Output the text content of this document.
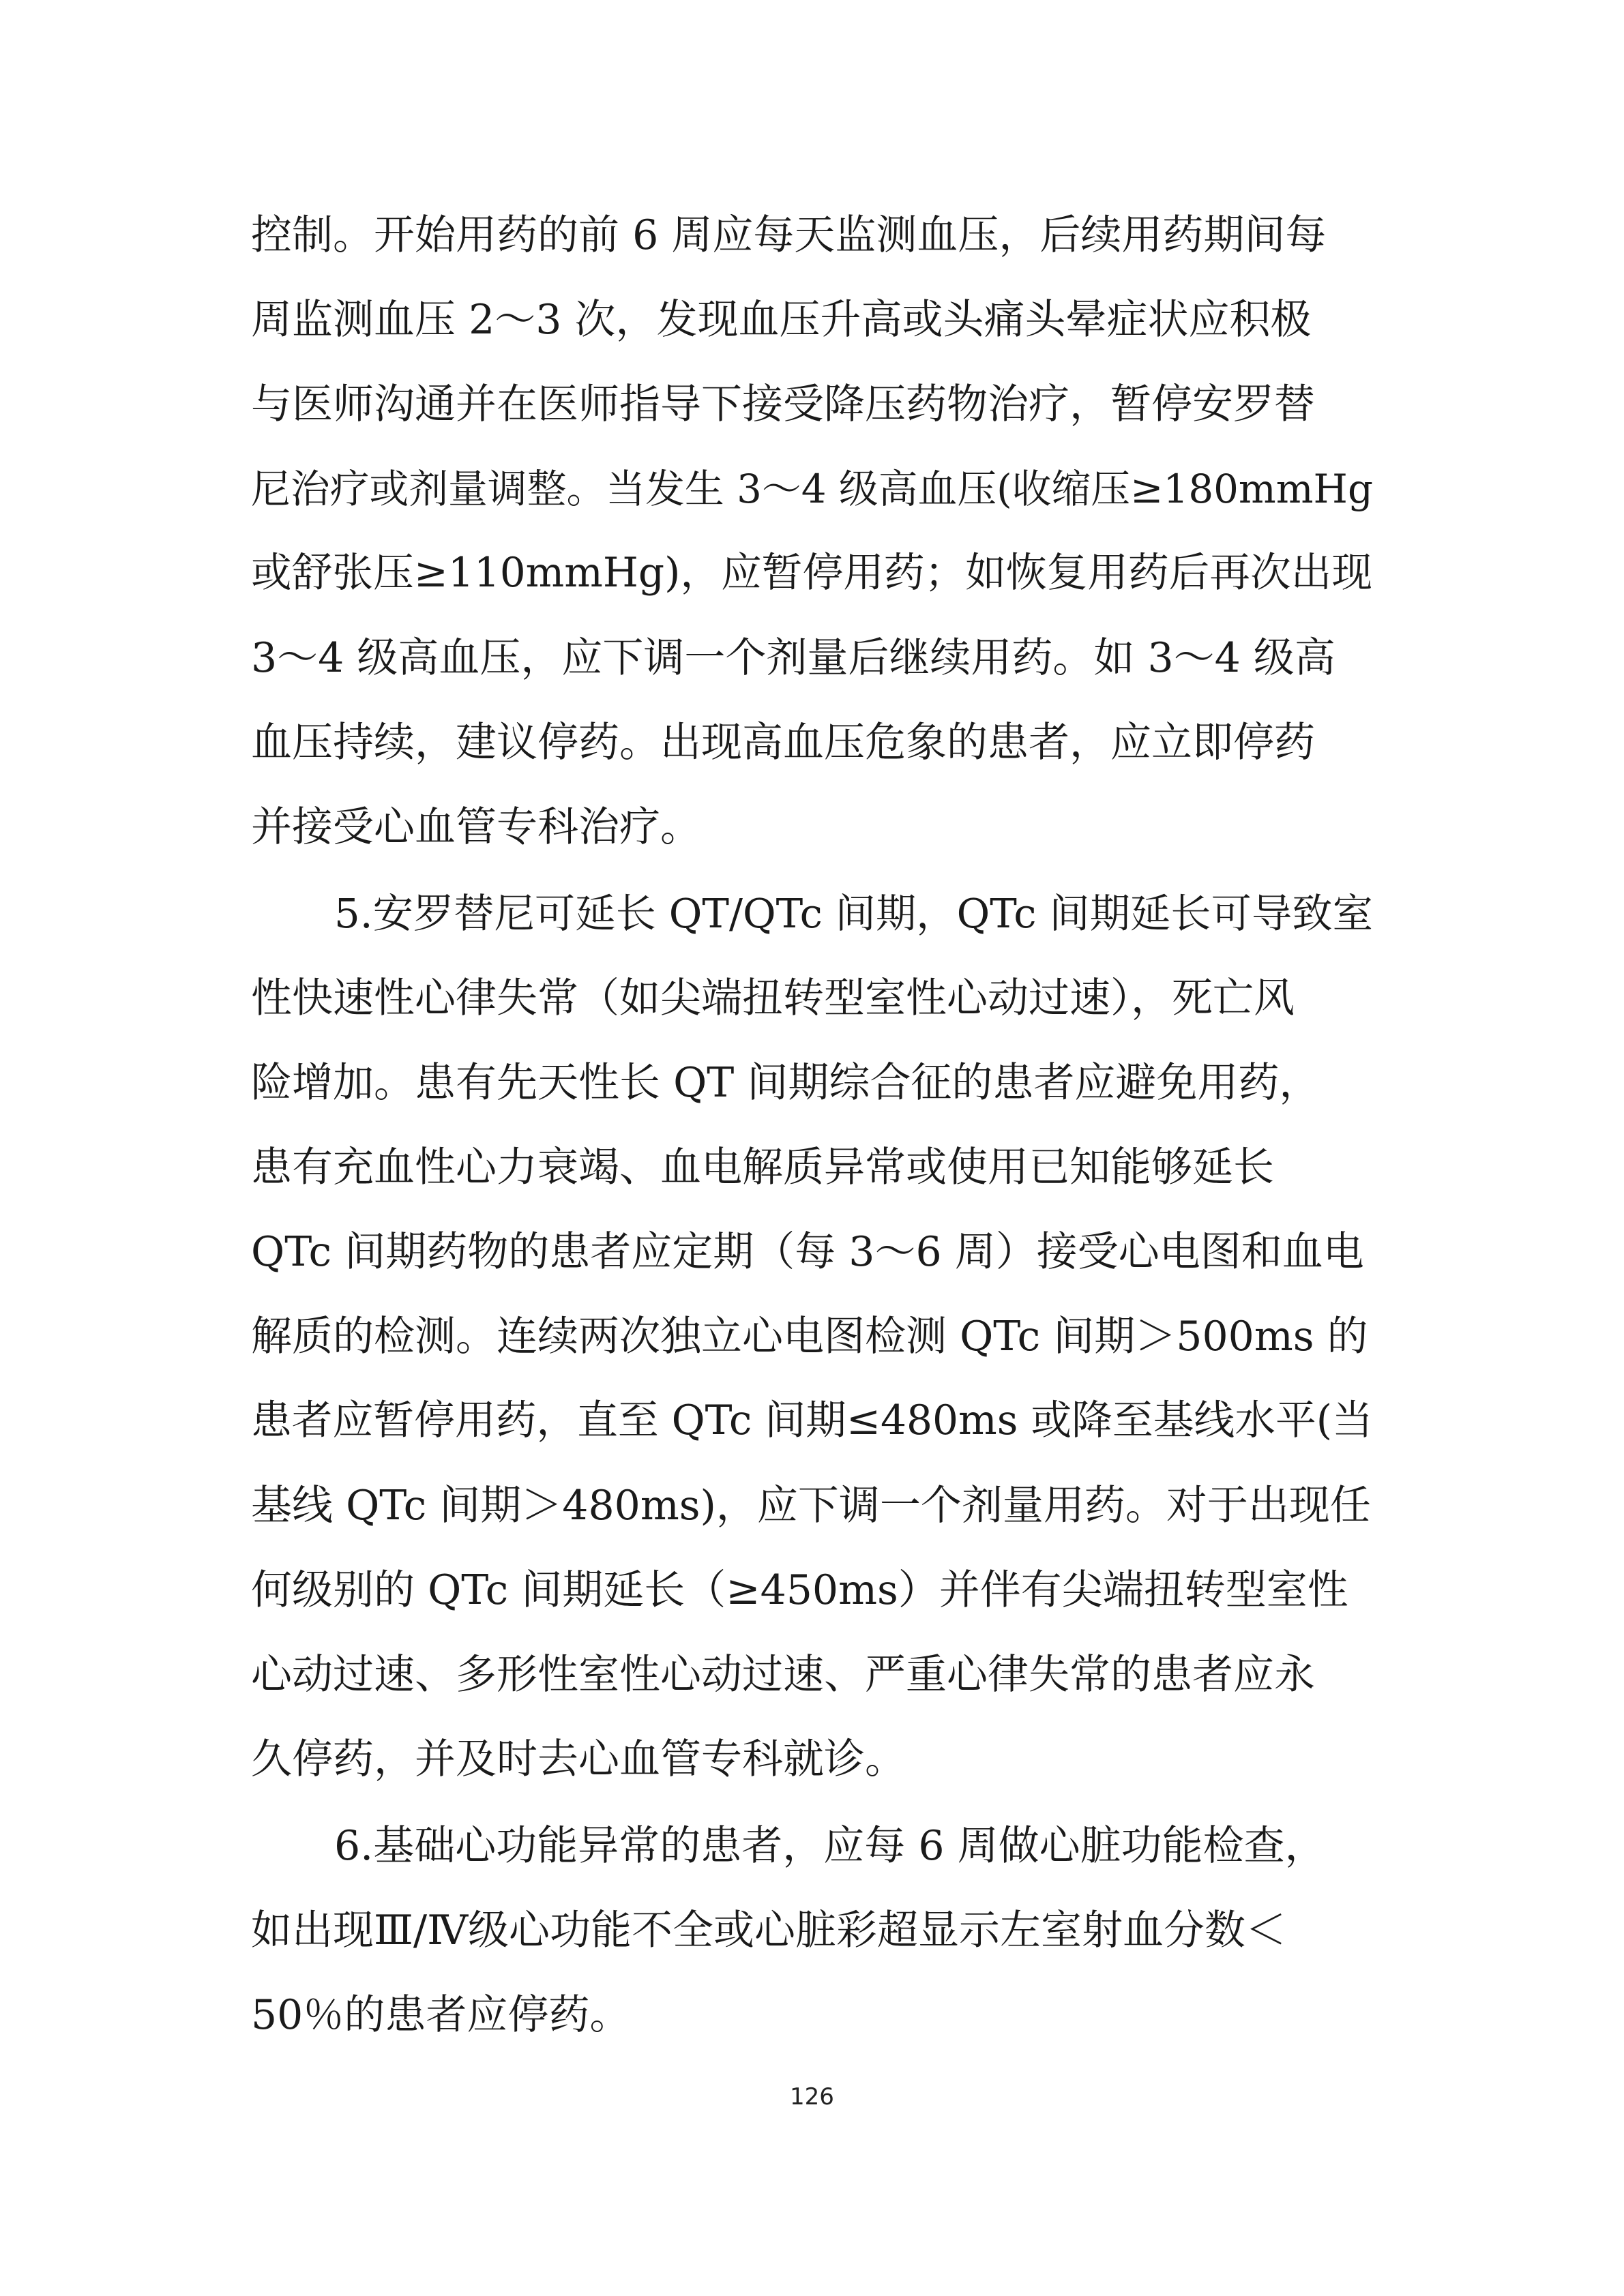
控制。开始用药的前 6 周应每天监测血压，后续用药期间每
周监测血压 2～3 次，发现血压升高或头痛头晕症状应积极
与医师沟通并在医师指导下接受降压药物治疗，暂停安罗替
尼治疗或剂量调整。当发生 3～4 级高血压(收缩压≥180mmHg
或舒张压≥110mmHg)，应暂停用药；如恢复用药后再次出现
3～4 级高血压，应下调一个剂量后继续用药。如 3～4 级高
血压持续，建议停药。出现高血压危象的患者，应立即停药
并接受心血管专科治疗。
5.安罗替尼可延长 QT/QTc 间期，QTc 间期延长可导致室
性快速性心律失常（如尖端扭转型室性心动过速），死亡风
险增加。患有先天性长 QT 间期综合征的患者应避免用药，
患有充血性心力衰竭、血电解质异常或使用已知能够延长
QTc 间期药物的患者应定期（每 3～6 周）接受心电图和血电
解质的检测。连续两次独立心电图检测 QTc 间期＞500ms 的
患者应暂停用药，直至 QTc 间期≤480ms 或降至基线水平(当
基线 QTc 间期＞480ms)，应下调一个剂量用药。对于出现任
何级别的 QTc 间期延长（≥450ms）并伴有尖端扭转型室性
心动过速、多形性室性心动过速、严重心律失常的患者应永
久停药，并及时去心血管专科就诊。
6.基础心功能异常的患者，应每 6 周做心脏功能检查，
如出现Ⅲ/Ⅳ级心功能不全或心脏彩超显示左室射血分数＜
50％的患者应停药。
126
